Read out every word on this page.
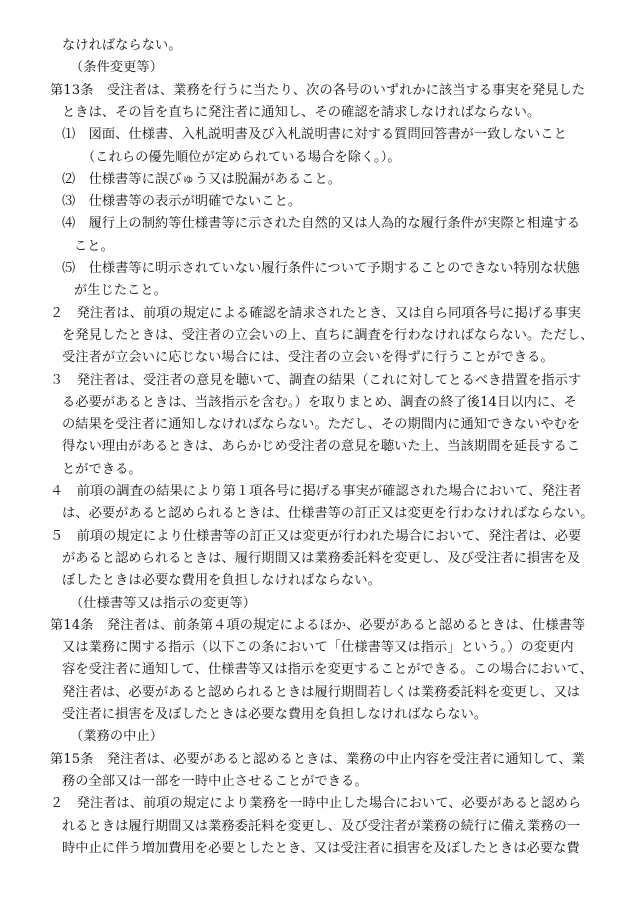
なければならない。
（条件変更等）
第13条　受注者は、業務を行うに当たり、次の各号のいずれかに該当する事実を発見した
ときは、その旨を直ちに発注者に通知し、その確認を請求しなければならない。
⑴　図面、仕様書、入札説明書及び入札説明書に対する質問回答書が一致しないこと
（これらの優先順位が定められている場合を除く。）。
⑵　仕様書等に誤びゅう又は脱漏があること。
⑶　仕様書等の表示が明確でないこと。
⑷　履行上の制約等仕様書等に示された自然的又は人為的な履行条件が実際と相違する
こと。
⑸　仕様書等に明示されていない履行条件について予期することのできない特別な状態
が生じたこと。
２　発注者は、前項の規定による確認を請求されたとき、又は自ら同項各号に掲げる事実
を発見したときは、受注者の立会いの上、直ちに調査を行わなければならない。ただし、
受注者が立会いに応じない場合には、受注者の立会いを得ずに行うことができる。
３　発注者は、受注者の意見を聴いて、調査の結果（これに対してとるべき措置を指示す
る必要があるときは、当該指示を含む。）を取りまとめ、調査の終了後14日以内に、そ
の結果を受注者に通知しなければならない。ただし、その期間内に通知できないやむを
得ない理由があるときは、あらかじめ受注者の意見を聴いた上、当該期間を延長するこ
とができる。
４　前項の調査の結果により第１項各号に掲げる事実が確認された場合において、発注者
は、必要があると認められるときは、仕様書等の訂正又は変更を行わなければならない。
５　前項の規定により仕様書等の訂正又は変更が行われた場合において、発注者は、必要
があると認められるときは、履行期間又は業務委託料を変更し、及び受注者に損害を及
ぼしたときは必要な費用を負担しなければならない。
（仕様書等又は指示の変更等）
第14条　発注者は、前条第４項の規定によるほか、必要があると認めるときは、仕様書等
又は業務に関する指示（以下この条において「仕様書等又は指示」という。）の変更内
容を受注者に通知して、仕様書等又は指示を変更することができる。この場合において、
発注者は、必要があると認められるときは履行期間若しくは業務委託料を変更し、又は
受注者に損害を及ぼしたときは必要な費用を負担しなければならない。
（業務の中止）
第15条　発注者は、必要があると認めるときは、業務の中止内容を受注者に通知して、業
務の全部又は一部を一時中止させることができる。
２　発注者は、前項の規定により業務を一時中止した場合において、必要があると認めら
れるときは履行期間又は業務委託料を変更し、及び受注者が業務の続行に備え業務の一
時中止に伴う増加費用を必要としたとき、又は受注者に損害を及ぼしたときは必要な費
